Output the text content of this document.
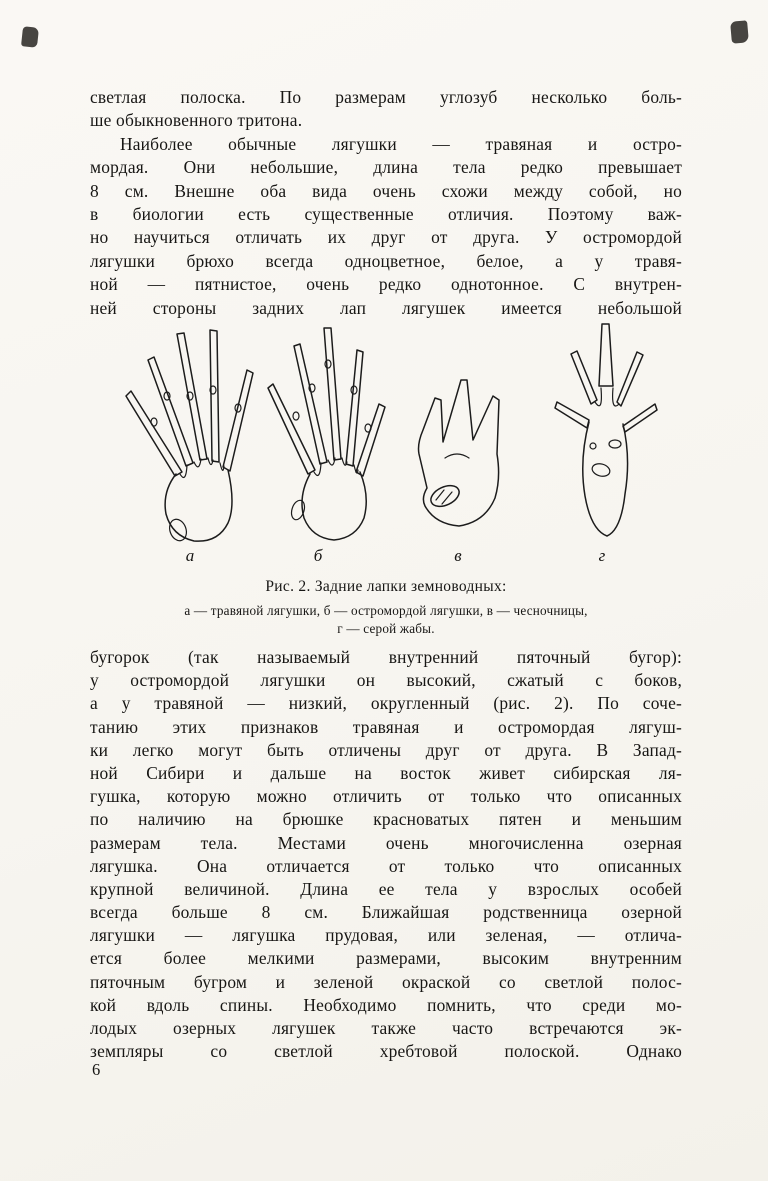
светлая полоска. По размерам углозуб несколько боль-
ше обыкновенного тритона.
Наиболее обычные лягушки — травяная и остро-
мордая. Они небольшие, длина тела редко превышает
8 см. Внешне оба вида очень схожи между собой, но
в биологии есть существенные отличия. Поэтому важ-
но научиться отличать их друг от друга. У остромордой
лягушки брюхо всегда одноцветное, белое, а у травя-
ной — пятнистое, очень редко однотонное. С внутрен-
ней стороны задних лап лягушек имеется небольшой
а	б	в	г
Рис. 2. Задние лапки земноводных:
а — травяной лягушки, б — остромордой лягушки, в — чесночницы,
г — серой жабы.
бугорок (так называемый внутренний пяточный бугор):
у остромордой лягушки он высокий, сжатый с боков,
а у травяной — низкий, округленный (рис. 2). По соче-
танию этих признаков травяная и остромордая лягуш-
ки легко могут быть отличены друг от друга. В Запад-
ной Сибири и дальше на восток живет сибирская ля-
гушка, которую можно отличить от только что описанных
по наличию на брюшке красноватых пятен и меньшим
размерам тела. Местами очень многочисленна озерная
лягушка. Она отличается от только что описанных
крупной величиной. Длина ее тела у взрослых особей
всегда больше 8 см. Ближайшая родственница озерной
лягушки — лягушка прудовая, или зеленая, — отлича-
ется более мелкими размерами, высоким внутренним
пяточным бугром и зеленой окраской со светлой полос-
кой вдоль спины. Необходимо помнить, что среди мо-
лодых озерных лягушек также часто встречаются эк-
земпляры со светлой хребтовой полоской. Однако
6
